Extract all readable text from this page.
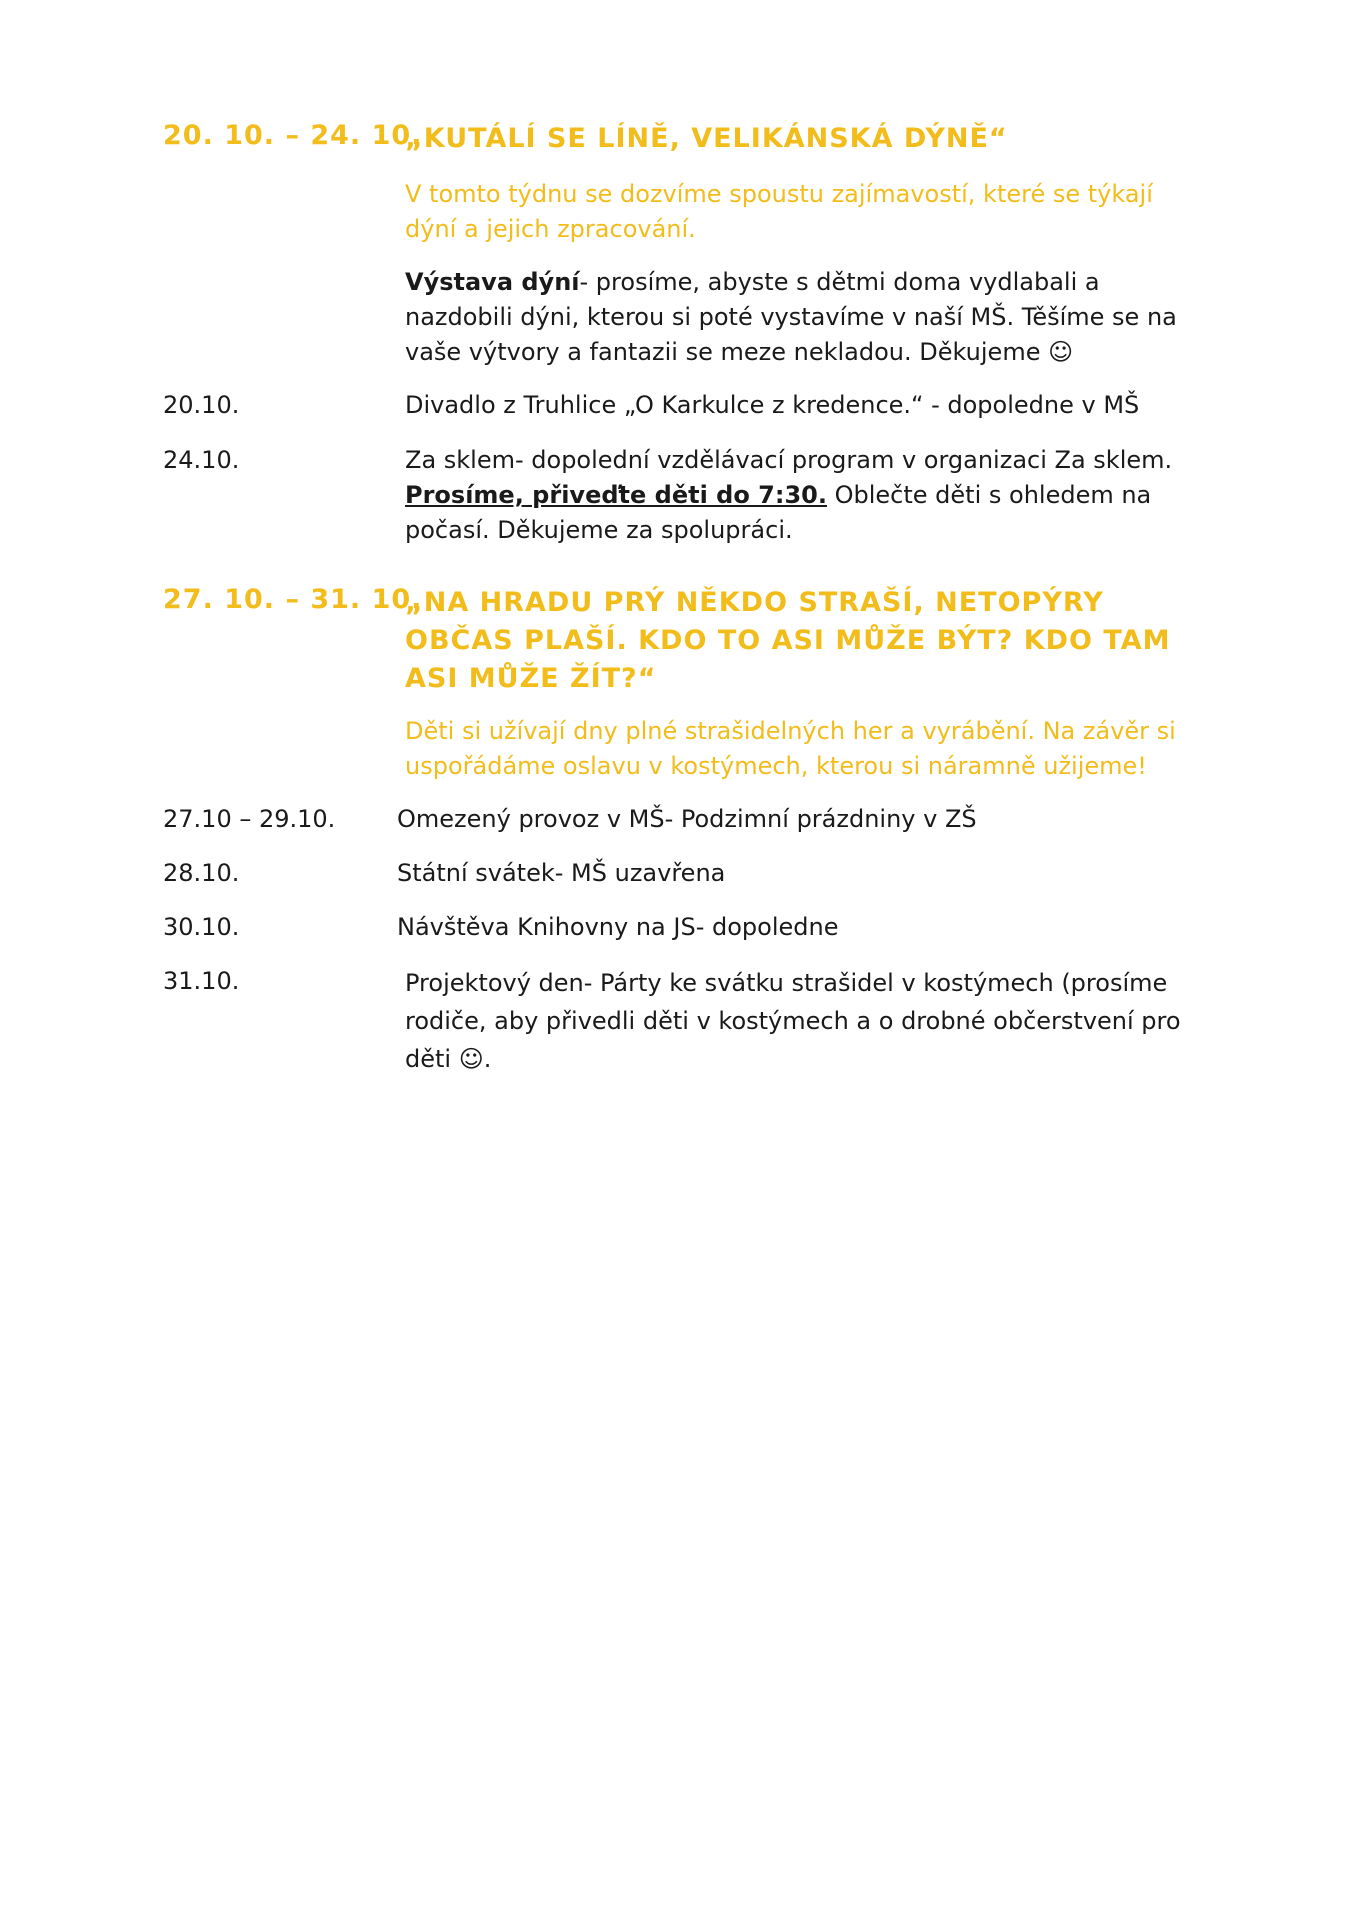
20. 10. – 24. 10.
„KUTÁLÍ SE LÍNĚ, VELIKÁNSKÁ DÝNĚ“
V tomto týdnu se dozvíme spoustu zajímavostí, které se týkají dýní a jejich zpracování.
Výstava dýní- prosíme, abyste s dětmi doma vydlabali a nazdobili dýni, kterou si poté vystavíme v naší MŠ. Těšíme se na vaše výtvory a fantazii se meze nekladou. Děkujeme ☺
20.10.	Divadlo z Truhlice „O Karkulce z kredence.“ - dopoledne v MŠ
24.10.	Za sklem- dopolední vzdělávací program v organizaci Za sklem.
Prosíme, přiveďte děti do 7:30. Oblečte děti s ohledem na počasí. Děkujeme za spolupráci.
27. 10. – 31. 10.
„NA HRADU PRÝ NĚKDO STRAŠÍ, NETOPÝRY OBČAS PLAŠÍ. KDO TO ASI MŮŽE BÝT? KDO TAM ASI MŮŽE ŽÍT?“
Děti si užívají dny plné strašidelných her a vyrábění. Na závěr si uspořádáme oslavu v kostýmech, kterou si náramně užijeme!
27.10 – 29.10.	Omezený provoz v MŠ- Podzimní prázdniny v ZŠ
28.10.	Státní svátek- MŠ uzavřena
30.10.	Návštěva Knihovny na JS- dopoledne
31.10.	Projektový den- Párty ke svátku strašidel v kostýmech (prosíme rodiče, aby přivedli děti v kostýmech a o drobné občerstvení pro děti ☺.
